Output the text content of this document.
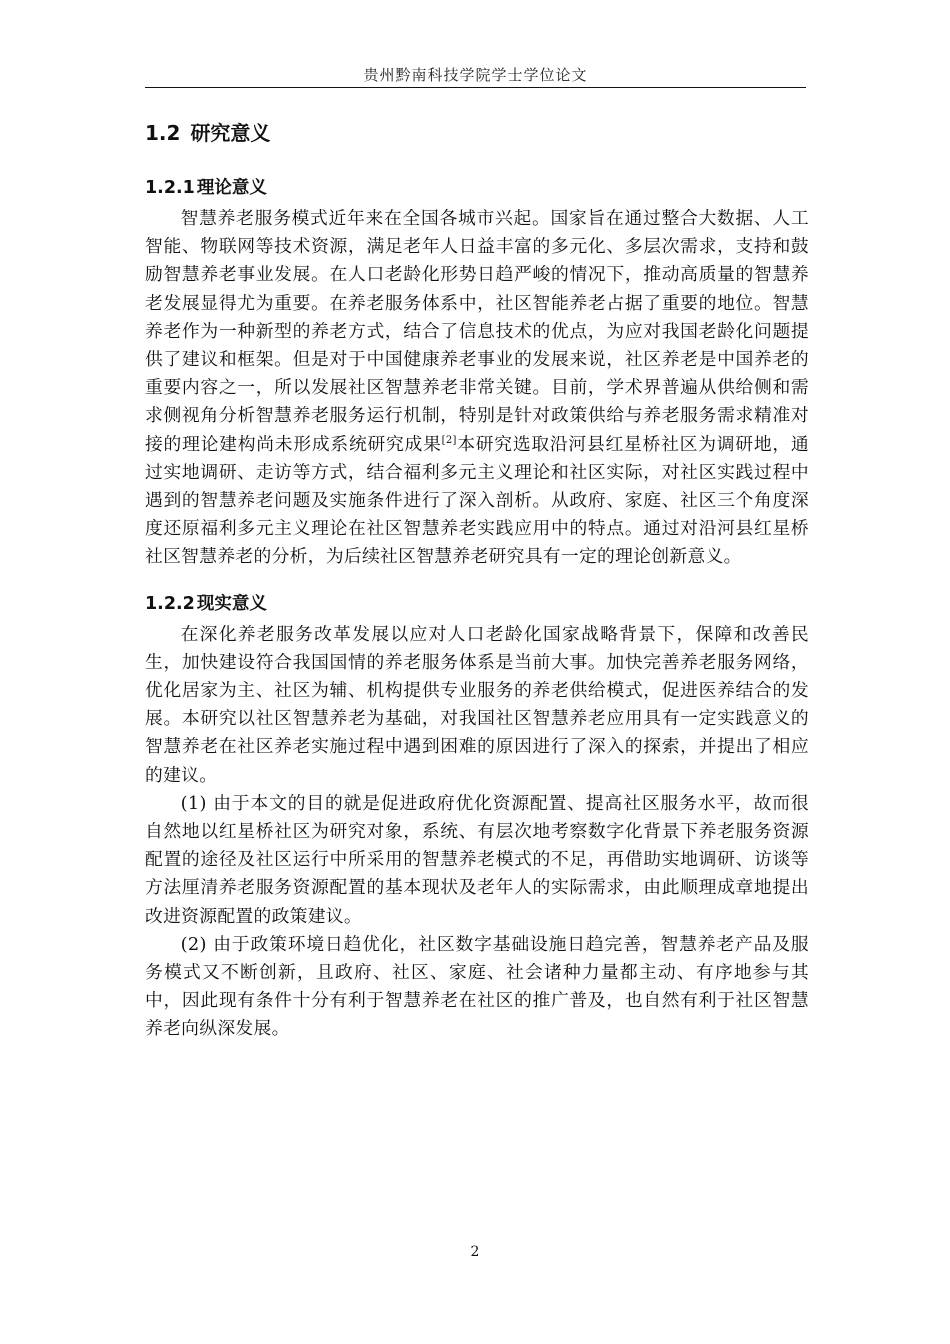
贵州黔南科技学院学士学位论文
1.2 研究意义
1.2.1 理论意义

智慧养老服务模式近年来在全国各城市兴起。国家旨在通过整合大数据、人工智能、物联网等技术资源，满足老年人日益丰富的多元化、多层次需求，支持和鼓励智慧养老事业发展。在人口老龄化形势日趋严峻的情况下，推动高质量的智慧养老发展显得尤为重要。在养老服务体系中，社区智能养老占据了重要的地位。智慧养老作为一种新型的养老方式，结合了信息技术的优点，为应对我国老龄化问题提供了建议和框架。但是对于中国健康养老事业的发展来说，社区养老是中国养老的重要内容之一，所以发展社区智慧养老非常关键。目前，学术界普遍从供给侧和需求侧视角分析智慧养老服务运行机制，特别是针对政策供给与养老服务需求精准对接的理论建构尚未形成系统研究成果[2]本研究选取沿河县红星桥社区为调研地，通过实地调研、走访等方式，结合福利多元主义理论和社区实际，对社区实践过程中遇到的智慧养老问题及实施条件进行了深入剖析。从政府、家庭、社区三个角度深度还原福利多元主义理论在社区智慧养老实践应用中的特点。通过对沿河县红星桥社区智慧养老的分析，为后续社区智慧养老研究具有一定的理论创新意义。

1.2.2 现实意义

在深化养老服务改革发展以应对人口老龄化国家战略背景下，保障和改善民生，加快建设符合我国国情的养老服务体系是当前大事。加快完善养老服务网络，优化居家为主、社区为辅、机构提供专业服务的养老供给模式，促进医养结合的发展。本研究以社区智慧养老为基础，对我国社区智慧养老应用具有一定实践意义的智慧养老在社区养老实施过程中遇到困难的原因进行了深入的探索，并提出了相应的建议。

(1) 由于本文的目的就是促进政府优化资源配置、提高社区服务水平，故而很自然地以红星桥社区为研究对象，系统、有层次地考察数字化背景下养老服务资源配置的途径及社区运行中所采用的智慧养老模式的不足，再借助实地调研、访谈等方法厘清养老服务资源配置的基本现状及老年人的实际需求，由此顺理成章地提出改进资源配置的政策建议。

(2) 由于政策环境日趋优化，社区数字基础设施日趋完善，智慧养老产品及服务模式又不断创新，且政府、社区、家庭、社会诸种力量都主动、有序地参与其中，因此现有条件十分有利于智慧养老在社区的推广普及，也自然有利于社区智慧养老向纵深发展。

2
